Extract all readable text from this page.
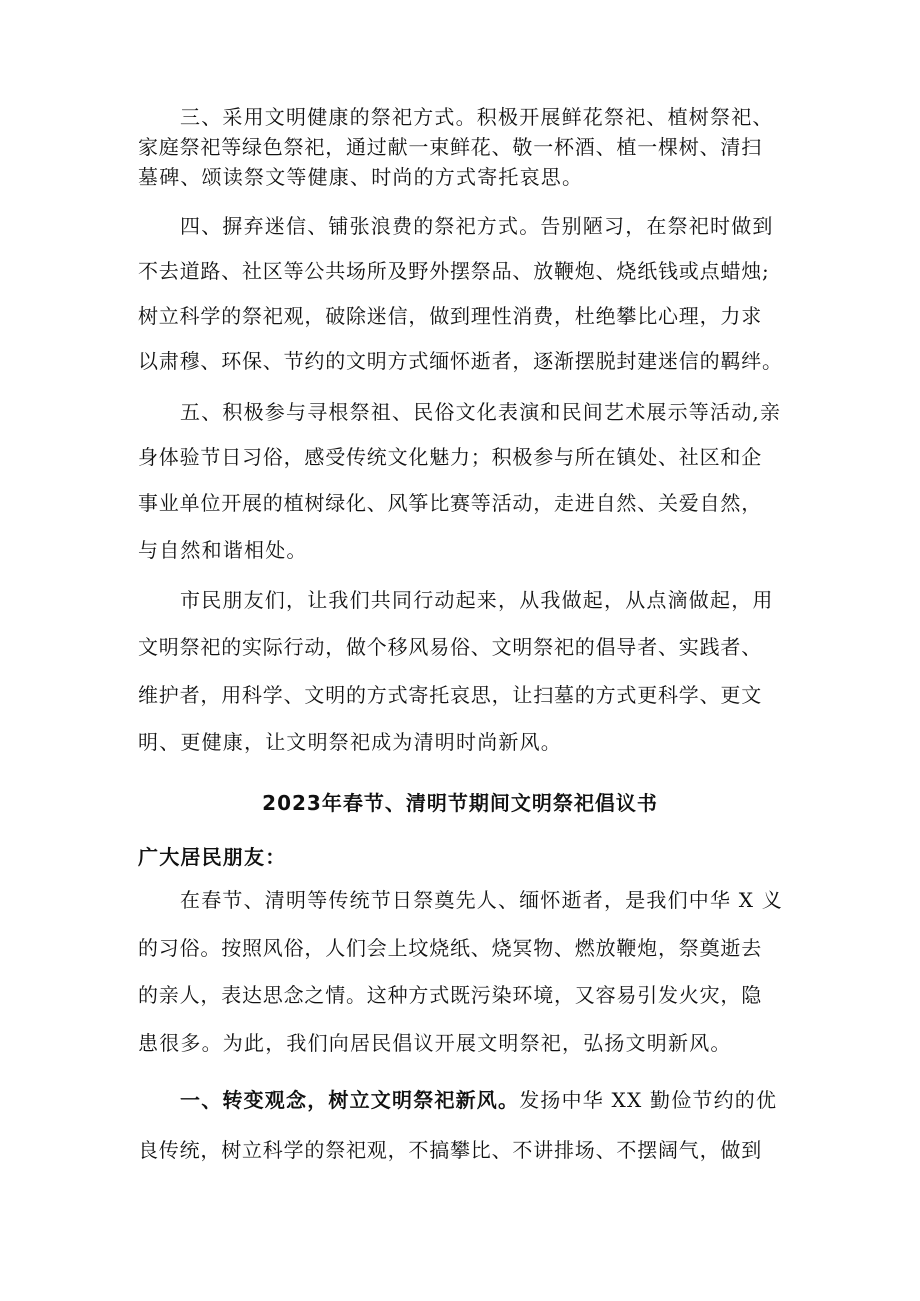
三、采用文明健康的祭祀方式。积极开展鲜花祭祀、植树祭祀、
家庭祭祀等绿色祭祀，通过献一束鲜花、敬一杯酒、植一棵树、清扫
墓碑、颂读祭文等健康、时尚的方式寄托哀思。
四、摒弃迷信、铺张浪费的祭祀方式。告别陋习，在祭祀时做到
不去道路、社区等公共场所及野外摆祭品、放鞭炮、烧纸钱或点蜡烛;
树立科学的祭祀观，破除迷信，做到理性消费，杜绝攀比心理，力求
以肃穆、环保、节约的文明方式缅怀逝者，逐渐摆脱封建迷信的羁绊。
五、积极参与寻根祭祖、民俗文化表演和民间艺术展示等活动,亲
身体验节日习俗，感受传统文化魅力；积极参与所在镇处、社区和企
事业单位开展的植树绿化、风筝比赛等活动，走进自然、关爱自然，
与自然和谐相处。
市民朋友们，让我们共同行动起来，从我做起，从点滴做起，用
文明祭祀的实际行动，做个移风易俗、文明祭祀的倡导者、实践者、
维护者，用科学、文明的方式寄托哀思，让扫墓的方式更科学、更文
明、更健康，让文明祭祀成为清明时尚新风。
2023年春节、清明节期间文明祭祀倡议书
广大居民朋友：
在春节、清明等传统节日祭奠先人、缅怀逝者，是我们中华 X 义
的习俗。按照风俗，人们会上坟烧纸、烧冥物、燃放鞭炮，祭奠逝去
的亲人，表达思念之情。这种方式既污染环境，又容易引发火灾，隐
患很多。为此，我们向居民倡议开展文明祭祀，弘扬文明新风。
一、转变观念，树立文明祭祀新风。发扬中华 XX 勤俭节约的优
良传统，树立科学的祭祀观，不搞攀比、不讲排场、不摆阔气，做到
